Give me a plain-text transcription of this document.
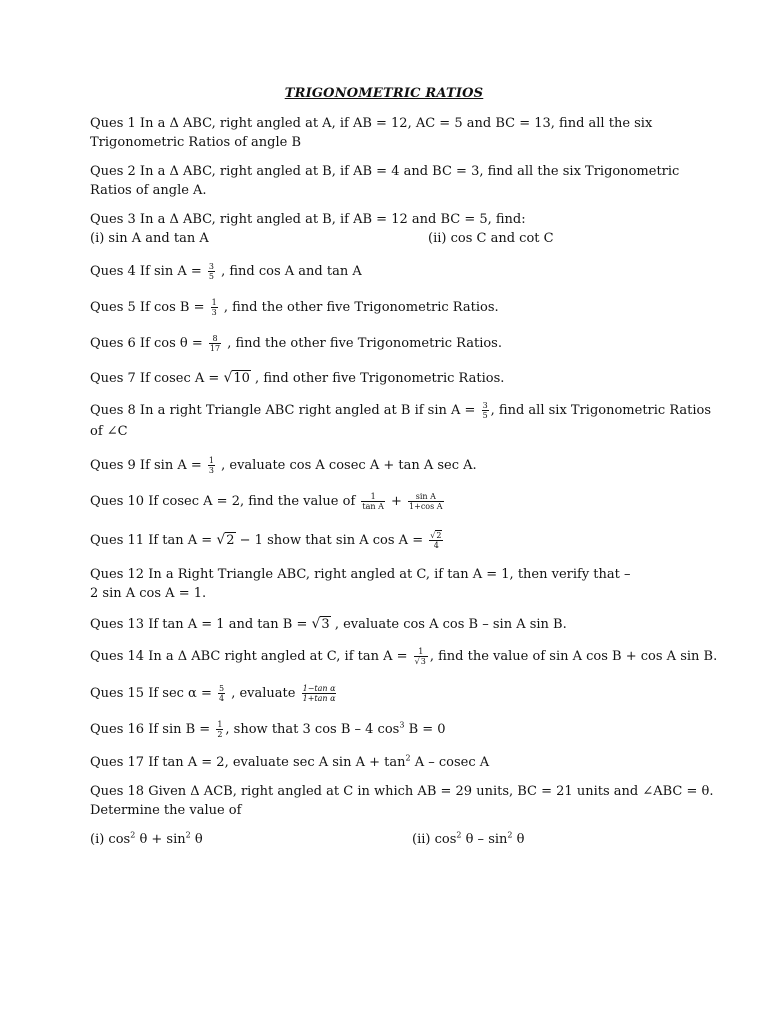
TRIGONOMETRIC RATIOS
Ques 1 In a Δ ABC, right angled at A, if AB = 12, AC = 5 and BC = 13, find all the six
Trigonometric Ratios of angle B
Ques 2 In a Δ ABC, right angled at B, if AB = 4 and BC = 3, find all the six Trigonometric
Ratios of angle A.
Ques 3 In a Δ ABC, right angled at B, if AB = 12 and BC = 5, find:
(i) sin A and tan A	(ii) cos C and cot C
Ques 4 If $\sin A = \frac{3}{5}$ , find cos A and tan A
Ques 5 If $\cos B = \frac{1}{3}$ , find the other five Trigonometric Ratios.
Ques 6 If $\cos \theta = \frac{8}{17}$ , find the other five Trigonometric Ratios.
Ques 7 If cosec A = √10 , find other five Trigonometric Ratios.
Ques 8 In a right Triangle ABC right angled at B if $\sin A = \frac{3}{5}$ , find all six Trigonometric Ratios
of ∠C
Ques 9 If $\sin A = \frac{1}{3}$ , evaluate cos A cosec A + tan A sec A.
Ques 10 If cosec A = 2, find the value of $\frac{1}{\text{tan A}} + \frac{\text{sin A}}{\text{1+cos A}}$
Ques 11 If tan A = √2 − 1 show that sin A $\cos A = \frac{√2}{4}$
Ques 12 In a Right Triangle ABC, right angled at C, if tan A = 1, then verify that –
2 sin A cos A = 1.
Ques 13 If tan A = 1 and tan B = √3 , evaluate cos A cos B – sin A sin B.
Ques 14 In a Δ ABC right angled at C, if $\tan A = \frac{1}{√3}$ , find the value of sin A cos B + cos A sin B.
Ques 15 If $\sec \alpha = \frac{5}{4}$ , evaluate $\frac{\text{1−tan α}}{\text{1+tan α}}$
Ques 16 If $\sin B = \frac{1}{2}$ , show that 3 cos B – 4 $\cos^3 B = 0$
Ques 17 If tan A = 2, evaluate sec A $\sin A + \tan^2 A - cosec$ A
Ques 18 Given Δ ACB, right angled at C in which AB = 29 units, BC = 21 units and ∠ABC = θ.
Determine the value of
(i) $\cos^2 \theta + \sin^2 \theta$	(ii) $\cos^2 \theta - \sin^2 \theta$
